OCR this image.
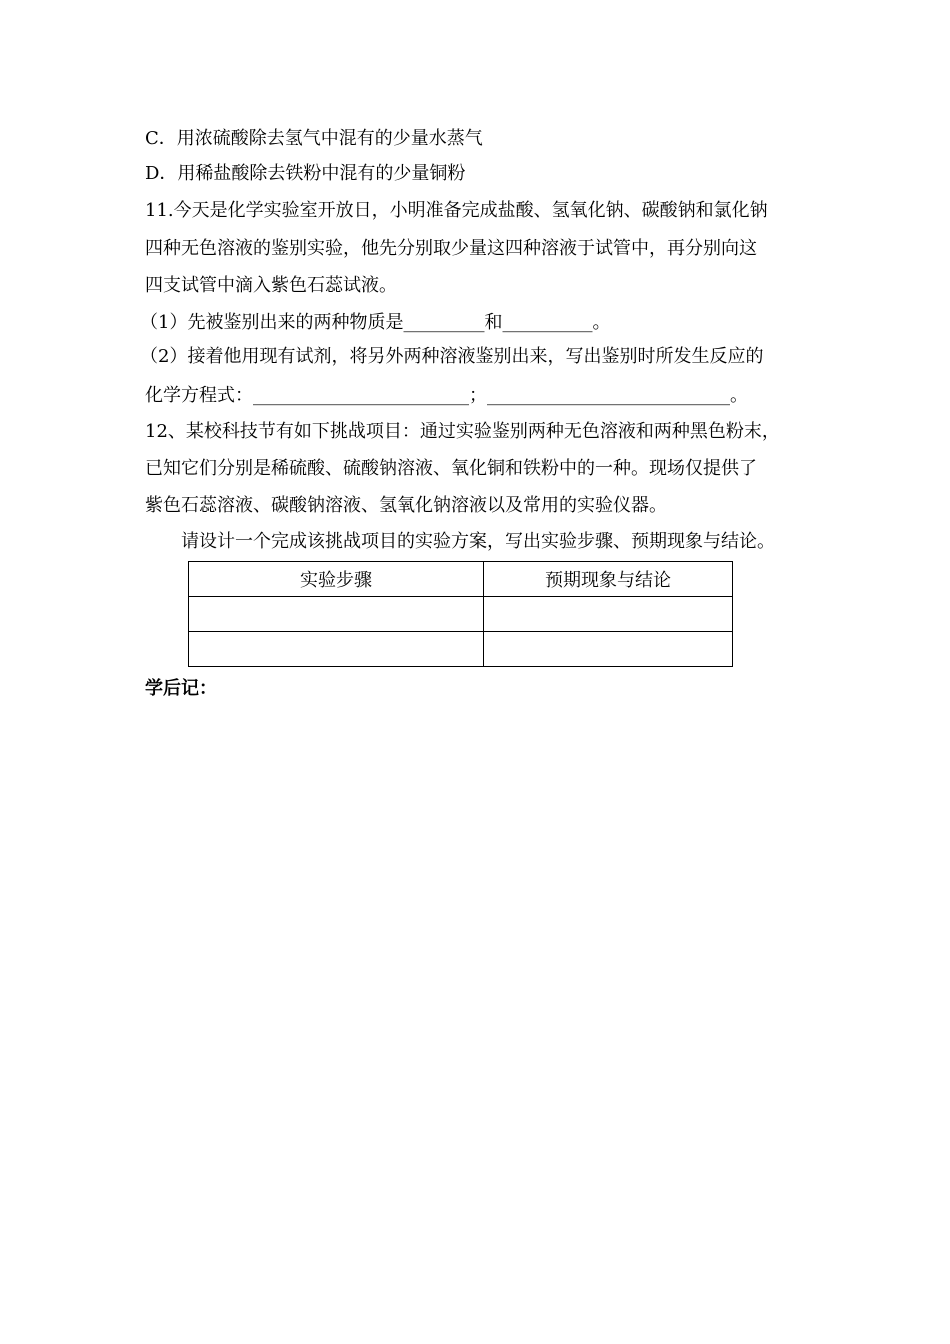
C．用浓硫酸除去氢气中混有的少量水蒸气
D．用稀盐酸除去铁粉中混有的少量铜粉
11.今天是化学实验室开放日，小明准备完成盐酸、氢氧化钠、碳酸钠和氯化钠
四种无色溶液的鉴别实验，他先分别取少量这四种溶液于试管中，再分别向这
四支试管中滴入紫色石蕊试液。
（1）先被鉴别出来的两种物质是_________和__________。
（2）接着他用现有试剂，将另外两种溶液鉴别出来，写出鉴别时所发生反应的
化学方程式：________________________；___________________________。
12、某校科技节有如下挑战项目：通过实验鉴别两种无色溶液和两种黑色粉末，
已知它们分别是稀硫酸、硫酸钠溶液、氧化铜和铁粉中的一种。现场仅提供了
紫色石蕊溶液、碳酸钠溶液、氢氧化钠溶液以及常用的实验仪器。
请设计一个完成该挑战项目的实验方案，写出实验步骤、预期现象与结论。
实验步骤	预期现象与结论

学后记：
